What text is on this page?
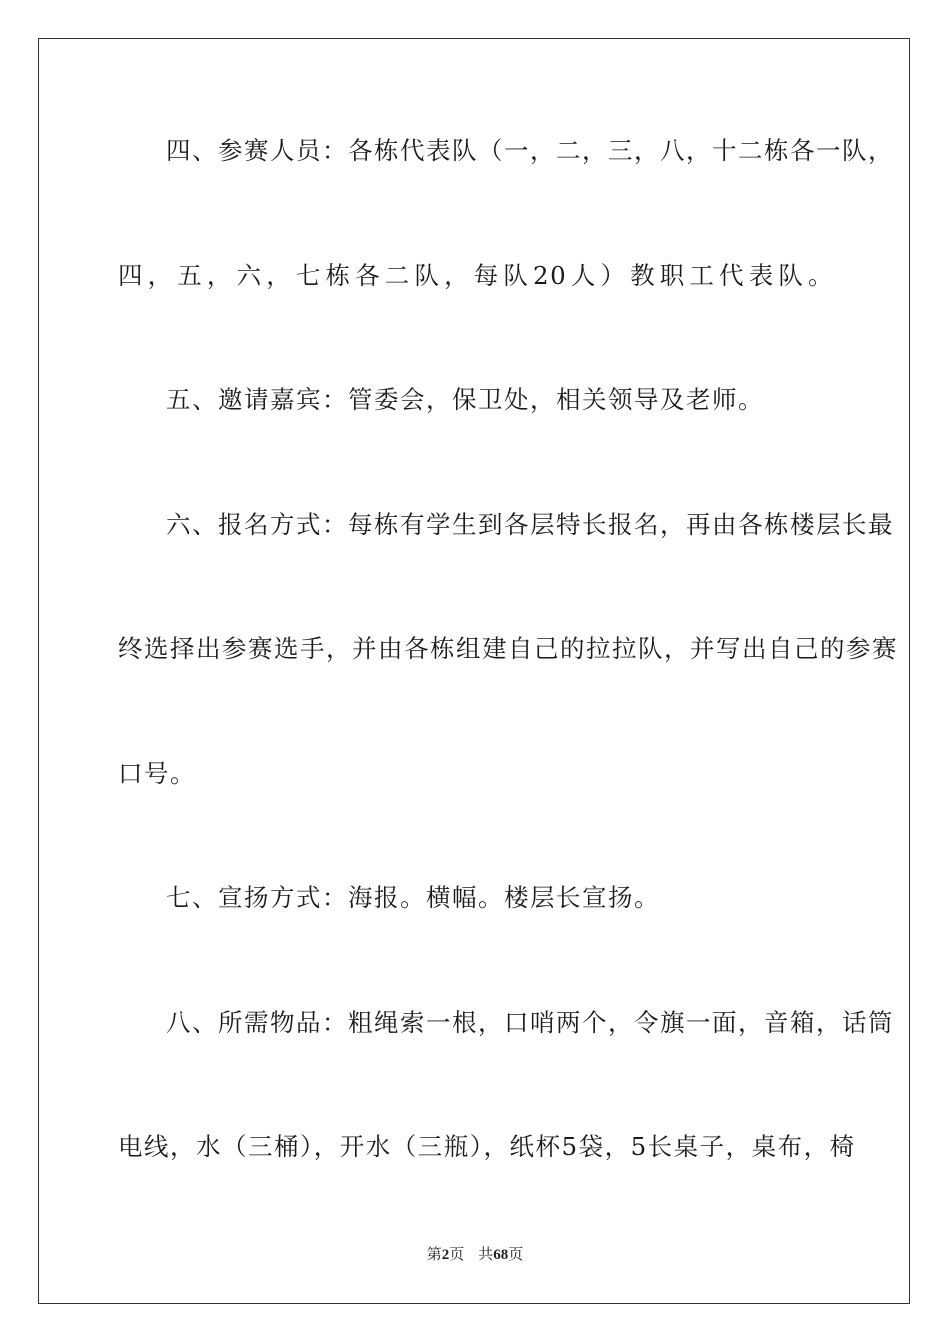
四、参赛人员：各栋代表队（一，二，三，八，十二栋各一队，
四，五，六，七栋各二队，每队20人）教职工代表队。
五、邀请嘉宾：管委会，保卫处，相关领导及老师。
六、报名方式：每栋有学生到各层特长报名，再由各栋楼层长最
终选择出参赛选手，并由各栋组建自己的拉拉队，并写出自己的参赛
口号。
七、宣扬方式：海报。横幅。楼层长宣扬。
八、所需物品：粗绳索一根，口哨两个，令旗一面，音箱，话筒
电线，水（三桶），开水（三瓶），纸杯5袋，5长桌子，桌布，椅
第2页 共68页
